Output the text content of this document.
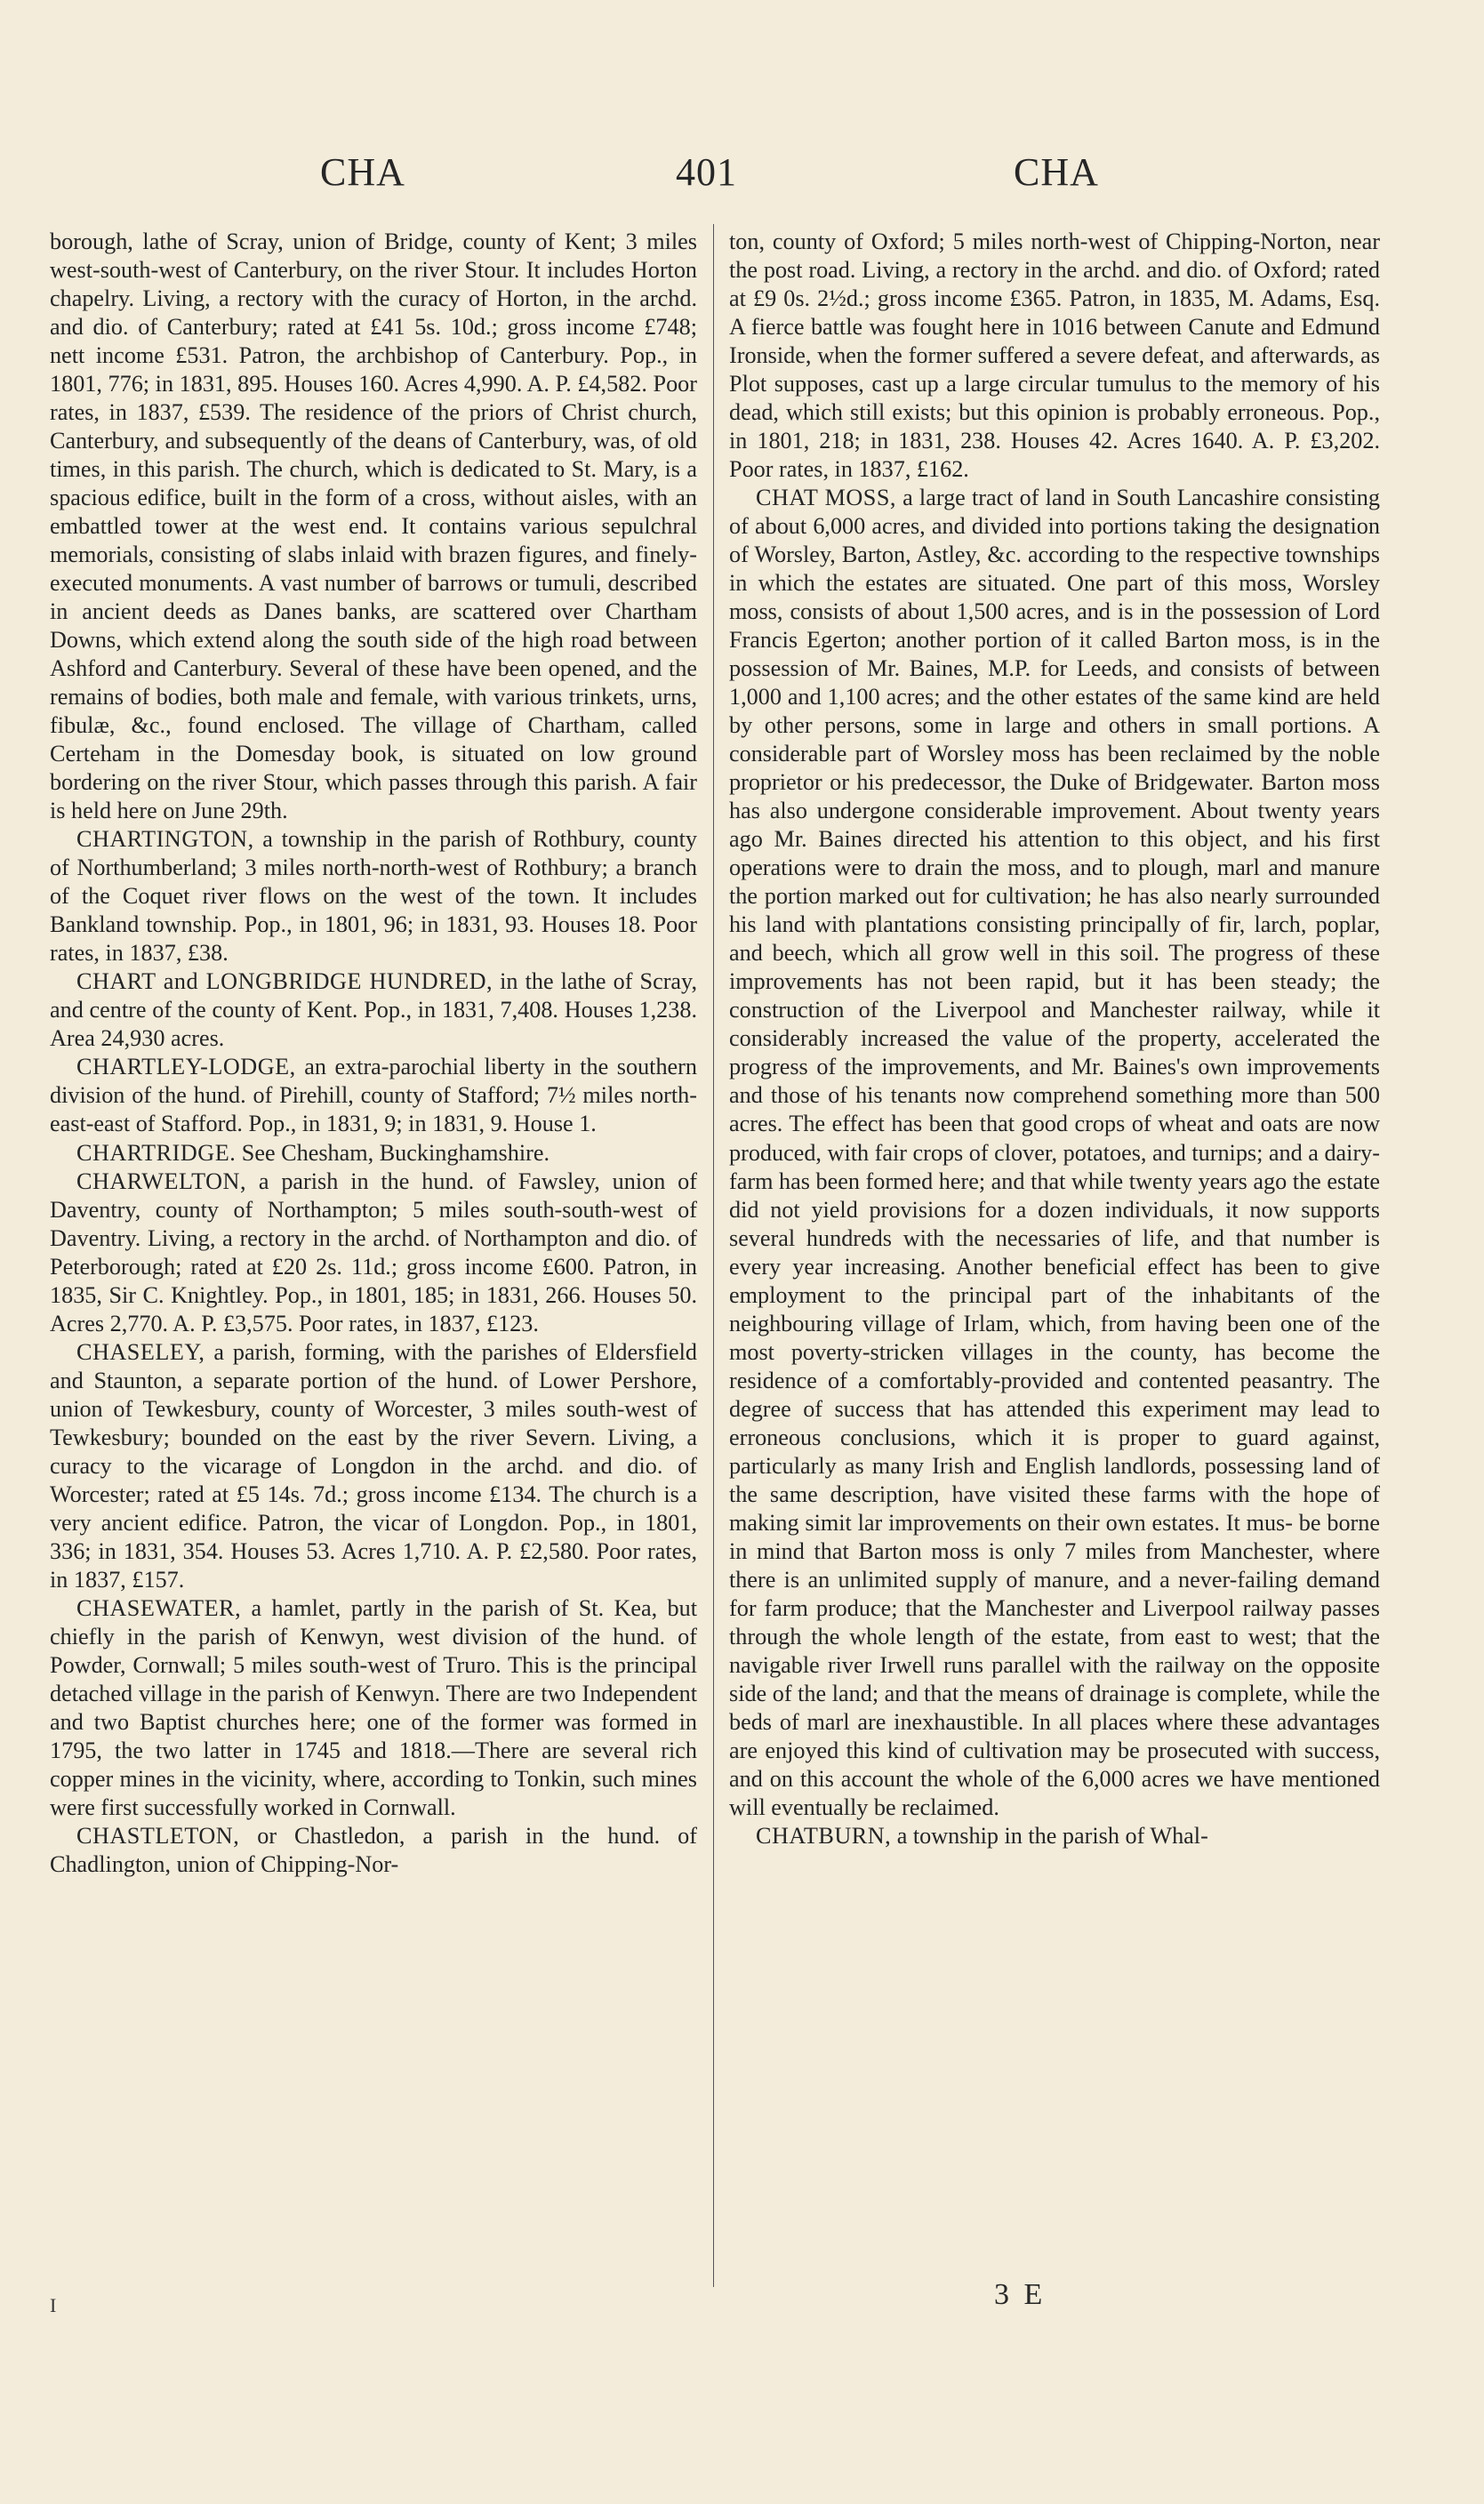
CHA	401	CHA

borough, lathe of Scray, union of Bridge, county of Kent; 3 miles west-south-west of Canterbury, on the river Stour. It includes Horton chapelry. Living, a rectory with the curacy of Horton, in the archd. and dio. of Canterbury; rated at £41 5s. 10d.; gross income £748; nett income £531. Patron, the archbishop of Canterbury. Pop., in 1801, 776; in 1831, 895. Houses 160. Acres 4,990. A. P. £4,582. Poor rates, in 1837, £539. The residence of the priors of Christ church, Canterbury, and subsequently of the deans of Canterbury, was, of old times, in this parish. The church, which is dedicated to St. Mary, is a spacious edifice, built in the form of a cross, without aisles, with an embattled tower at the west end. It contains various sepulchral memorials, consisting of slabs inlaid with brazen figures, and finely-executed monuments. A vast number of barrows or tumuli, described in ancient deeds as Danes banks, are scattered over Chartham Downs, which extend along the south side of the high road between Ashford and Canterbury. Several of these have been opened, and the remains of bodies, both male and female, with various trinkets, urns, fibulæ, &c., found enclosed. The village of Chartham, called Certeham in the Domesday book, is situated on low ground bordering on the river Stour, which passes through this parish. A fair is held here on June 29th.

CHARTINGTON, a township in the parish of Rothbury, county of Northumberland; 3 miles north-north-west of Rothbury; a branch of the Coquet river flows on the west of the town. It includes Bankland township. Pop., in 1801, 96; in 1831, 93. Houses 18. Poor rates, in 1837, £38.

CHART and LONGBRIDGE HUNDRED, in the lathe of Scray, and centre of the county of Kent. Pop., in 1831, 7,408. Houses 1,238. Area 24,930 acres.

CHARTLEY-LODGE, an extra-parochial liberty in the southern division of the hund. of Pirehill, county of Stafford; 7½ miles north-east-east of Stafford. Pop., in 1831, 9; in 1831, 9. House 1.

CHARTRIDGE. See Chesham, Buckinghamshire.

CHARWELTON, a parish in the hund. of Fawsley, union of Daventry, county of Northampton; 5 miles south-south-west of Daventry. Living, a rectory in the archd. of Northampton and dio. of Peterborough; rated at £20 2s. 11d.; gross income £600. Patron, in 1835, Sir C. Knightley. Pop., in 1801, 185; in 1831, 266. Houses 50. Acres 2,770. A. P. £3,575. Poor rates, in 1837, £123.

CHASELEY, a parish, forming, with the parishes of Eldersfield and Staunton, a separate portion of the hund. of Lower Pershore, union of Tewkesbury, county of Worcester, 3 miles south-west of Tewkesbury; bounded on the east by the river Severn. Living, a curacy to the vicarage of Longdon in the archd. and dio. of Worcester; rated at £5 14s. 7d.; gross income £134. The church is a very ancient edifice. Patron, the vicar of Longdon. Pop., in 1801, 336; in 1831, 354. Houses 53. Acres 1,710. A. P. £2,580. Poor rates, in 1837, £157.

CHASEWATER, a hamlet, partly in the parish of St. Kea, but chiefly in the parish of Kenwyn, west division of the hund. of Powder, Cornwall; 5 miles south-west of Truro. This is the principal detached village in the parish of Kenwyn. There are two Independent and two Baptist churches here; one of the former was formed in 1795, the two latter in 1745 and 1818.—There are several rich copper mines in the vicinity, where, according to Tonkin, such mines were first successfully worked in Cornwall.

CHASTLETON, or Chastledon, a parish in the hund. of Chadlington, union of Chipping-Nor-

ton, county of Oxford; 5 miles north-west of Chipping-Norton, near the post road. Living, a rectory in the archd. and dio. of Oxford; rated at £9 0s. 2½d.; gross income £365. Patron, in 1835, M. Adams, Esq. A fierce battle was fought here in 1016 between Canute and Edmund Ironside, when the former suffered a severe defeat, and afterwards, as Plot supposes, cast up a large circular tumulus to the memory of his dead, which still exists; but this opinion is probably erroneous. Pop., in 1801, 218; in 1831, 238. Houses 42. Acres 1640. A. P. £3,202. Poor rates, in 1837, £162.

CHAT MOSS, a large tract of land in South Lancashire consisting of about 6,000 acres, and divided into portions taking the designation of Worsley, Barton, Astley, &c. according to the respective townships in which the estates are situated. One part of this moss, Worsley moss, consists of about 1,500 acres, and is in the possession of Lord Francis Egerton; another portion of it called Barton moss, is in the possession of Mr. Baines, M.P. for Leeds, and consists of between 1,000 and 1,100 acres; and the other estates of the same kind are held by other persons, some in large and others in small portions. A considerable part of Worsley moss has been reclaimed by the noble proprietor or his predecessor, the Duke of Bridgewater. Barton moss has also undergone considerable improvement. About twenty years ago Mr. Baines directed his attention to this object, and his first operations were to drain the moss, and to plough, marl and manure the portion marked out for cultivation; he has also nearly surrounded his land with plantations consisting principally of fir, larch, poplar, and beech, which all grow well in this soil. The progress of these improvements has not been rapid, but it has been steady; the construction of the Liverpool and Manchester railway, while it considerably increased the value of the property, accelerated the progress of the improvements, and Mr. Baines's own improvements and those of his tenants now comprehend something more than 500 acres. The effect has been that good crops of wheat and oats are now produced, with fair crops of clover, potatoes, and turnips; and a dairy-farm has been formed here; and that while twenty years ago the estate did not yield provisions for a dozen individuals, it now supports several hundreds with the necessaries of life, and that number is every year increasing. Another beneficial effect has been to give employment to the principal part of the inhabitants of the neighbouring village of Irlam, which, from having been one of the most poverty-stricken villages in the county, has become the residence of a comfortably-provided and contented peasantry. The degree of success that has attended this experiment may lead to erroneous conclusions, which it is proper to guard against, particularly as many Irish and English landlords, possessing land of the same description, have visited these farms with the hope of making simit lar improvements on their own estates. It mus- be borne in mind that Barton moss is only 7 miles from Manchester, where there is an unlimited supply of manure, and a never-failing demand for farm produce; that the Manchester and Liverpool railway passes through the whole length of the estate, from east to west; that the navigable river Irwell runs parallel with the railway on the opposite side of the land; and that the means of drainage is complete, while the beds of marl are inexhaustible. In all places where these advantages are enjoyed this kind of cultivation may be prosecuted with success, and on this account the whole of the 6,000 acres we have mentioned will eventually be reclaimed.

CHATBURN, a township in the parish of Whal-

I	3 E
